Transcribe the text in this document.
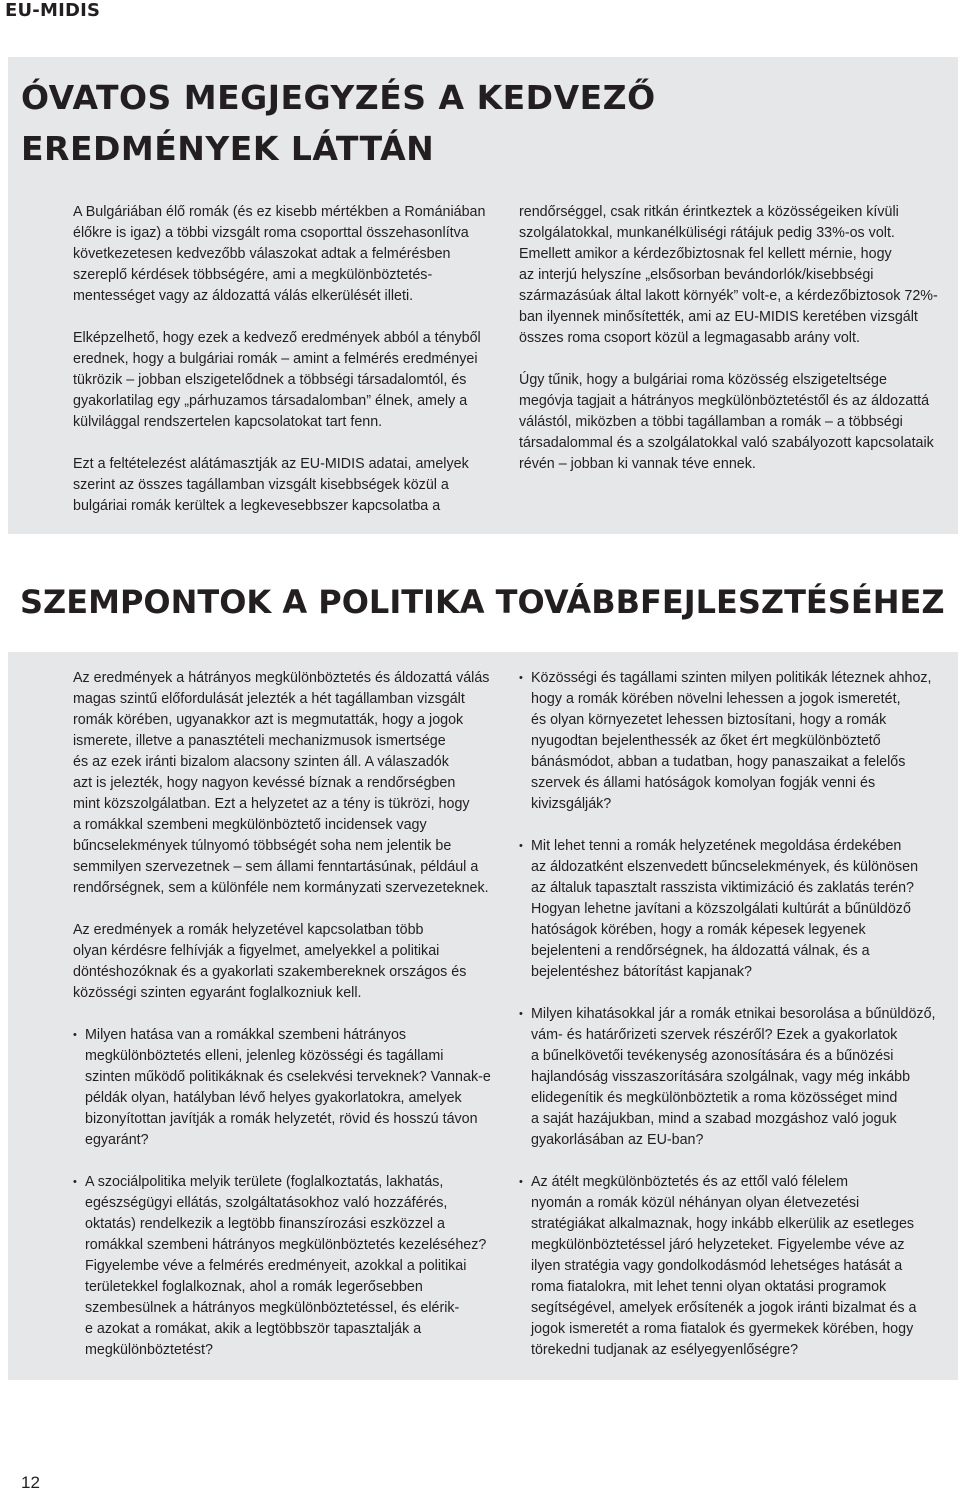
EU-MIDIS
ÓVATOS MEGJEGYZÉS A KEDVEZŐ
EREDMÉNYEK LÁTTÁN

A Bulgáriában élő romák (és ez kisebb mértékben a Romániában
élőkre is igaz) a többi vizsgált roma csoporttal összehasonlítva
következetesen kedvezőbb válaszokat adtak a felmérésben
szereplő kérdések többségére, ami a megkülönböztetés-
mentességet vagy az áldozattá válás elkerülését illeti.

Elképzelhető, hogy ezek a kedvező eredmények abból a tényből
erednek, hogy a bulgáriai romák – amint a felmérés eredményei
tükrözik – jobban elszigetelődnek a többségi társadalomtól, és
gyakorlatilag egy „párhuzamos társadalomban” élnek, amely a
külvilággal rendszertelen kapcsolatokat tart fenn.

Ezt a feltételezést alátámasztják az EU-MIDIS adatai, amelyek
szerint az összes tagállamban vizsgált kisebbségek közül a
bulgáriai romák kerültek a legkevesebbszer kapcsolatba a

rendőrséggel, csak ritkán érintkeztek a közösségeiken kívüli
szolgálatokkal, munkanélküliségi rátájuk pedig 33%-os volt.
Emellett amikor a kérdezőbiztosnak fel kellett mérnie, hogy
az interjú helyszíne „elsősorban bevándorlók/kisebbségi
származásúak által lakott környék” volt-e, a kérdezőbiztosok 72%-
ban ilyennek minősítették, ami az EU-MIDIS keretében vizsgált
összes roma csoport közül a legmagasabb arány volt.

Úgy tűnik, hogy a bulgáriai roma közösség elszigeteltsége
megóvja tagjait a hátrányos megkülönböztetéstől és az áldozattá
válástól, miközben a többi tagállamban a romák – a többségi
társadalommal és a szolgálatokkal való szabályozott kapcsolataik
révén – jobban ki vannak téve ennek.

SZEMPONTOK A POLITIKA TOVÁBBFEJLESZTÉSÉHEZ

Az eredmények a hátrányos megkülönböztetés és áldozattá válás
magas szintű előfordulását jelezték a hét tagállamban vizsgált
romák körében, ugyanakkor azt is megmutatták, hogy a jogok
ismerete, illetve a panasztételi mechanizmusok ismertsége
és az ezek iránti bizalom alacsony szinten áll. A válaszadók
azt is jelezték, hogy nagyon kevéssé bíznak a rendőrségben
mint közszolgálatban. Ezt a helyzetet az a tény is tükrözi, hogy
a romákkal szembeni megkülönböztető incidensek vagy
bűncselekmények túlnyomó többségét soha nem jelentik be
semmilyen szervezetnek – sem állami fenntartásúnak, például a
rendőrségnek, sem a különféle nem kormányzati szervezeteknek.

Az eredmények a romák helyzetével kapcsolatban több
olyan kérdésre felhívják a figyelmet, amelyekkel a politikai
döntéshozóknak és a gyakorlati szakembereknek országos és
közösségi szinten egyaránt foglalkozniuk kell.

• Milyen hatása van a romákkal szembeni hátrányos
megkülönböztetés elleni, jelenleg közösségi és tagállami
szinten működő politikáknak és cselekvési terveknek? Vannak-e
példák olyan, hatályban lévő helyes gyakorlatokra, amelyek
bizonyítottan javítják a romák helyzetét, rövid és hosszú távon
egyaránt?
• A szociálpolitika melyik területe (foglalkoztatás, lakhatás,
egészségügyi ellátás, szolgáltatásokhoz való hozzáférés,
oktatás) rendelkezik a legtöbb finanszírozási eszközzel a
romákkal szembeni hátrányos megkülönböztetés kezeléséhez?
Figyelembe véve a felmérés eredményeit, azokkal a politikai
területekkel foglalkoznak, ahol a romák legerősebben
szembesülnek a hátrányos megkülönböztetéssel, és elérik-
e azokat a romákat, akik a legtöbbször tapasztalják a
megkülönböztetést?
• Közösségi és tagállami szinten milyen politikák léteznek ahhoz,
hogy a romák körében növelni lehessen a jogok ismeretét,
és olyan környezetet lehessen biztosítani, hogy a romák
nyugodtan bejelenthessék az őket ért megkülönböztető
bánásmódot, abban a tudatban, hogy panaszaikat a felelős
szervek és állami hatóságok komolyan fogják venni és
kivizsgálják?
• Mit lehet tenni a romák helyzetének megoldása érdekében
az áldozatként elszenvedett bűncselekmények, és különösen
az általuk tapasztalt rasszista viktimizáció és zaklatás terén?
Hogyan lehetne javítani a közszolgálati kultúrát a bűnüldöző
hatóságok körében, hogy a romák képesek legyenek
bejelenteni a rendőrségnek, ha áldozattá válnak, és a
bejelentéshez bátorítást kapjanak?
• Milyen kihatásokkal jár a romák etnikai besorolása a bűnüldöző,
vám- és határőrizeti szervek részéről? Ezek a gyakorlatok
a bűnelkövetői tevékenység azonosítására és a bűnözési
hajlandóság visszaszorítására szolgálnak, vagy még inkább
elidegenítik és megkülönböztetik a roma közösséget mind
a saját hazájukban, mind a szabad mozgáshoz való joguk
gyakorlásában az EU-ban?
• Az átélt megkülönböztetés és az ettől való félelem
nyomán a romák közül néhányan olyan életvezetési
stratégiákat alkalmaznak, hogy inkább elkerülik az esetleges
megkülönböztetéssel járó helyzeteket. Figyelembe véve az
ilyen stratégia vagy gondolkodásmód lehetséges hatását a
roma fiatalokra, mit lehet tenni olyan oktatási programok
segítségével, amelyek erősítenék a jogok iránti bizalmat és a
jogok ismeretét a roma fiatalok és gyermekek körében, hogy
törekedni tudjanak az esélyegyenlőségre?
12
